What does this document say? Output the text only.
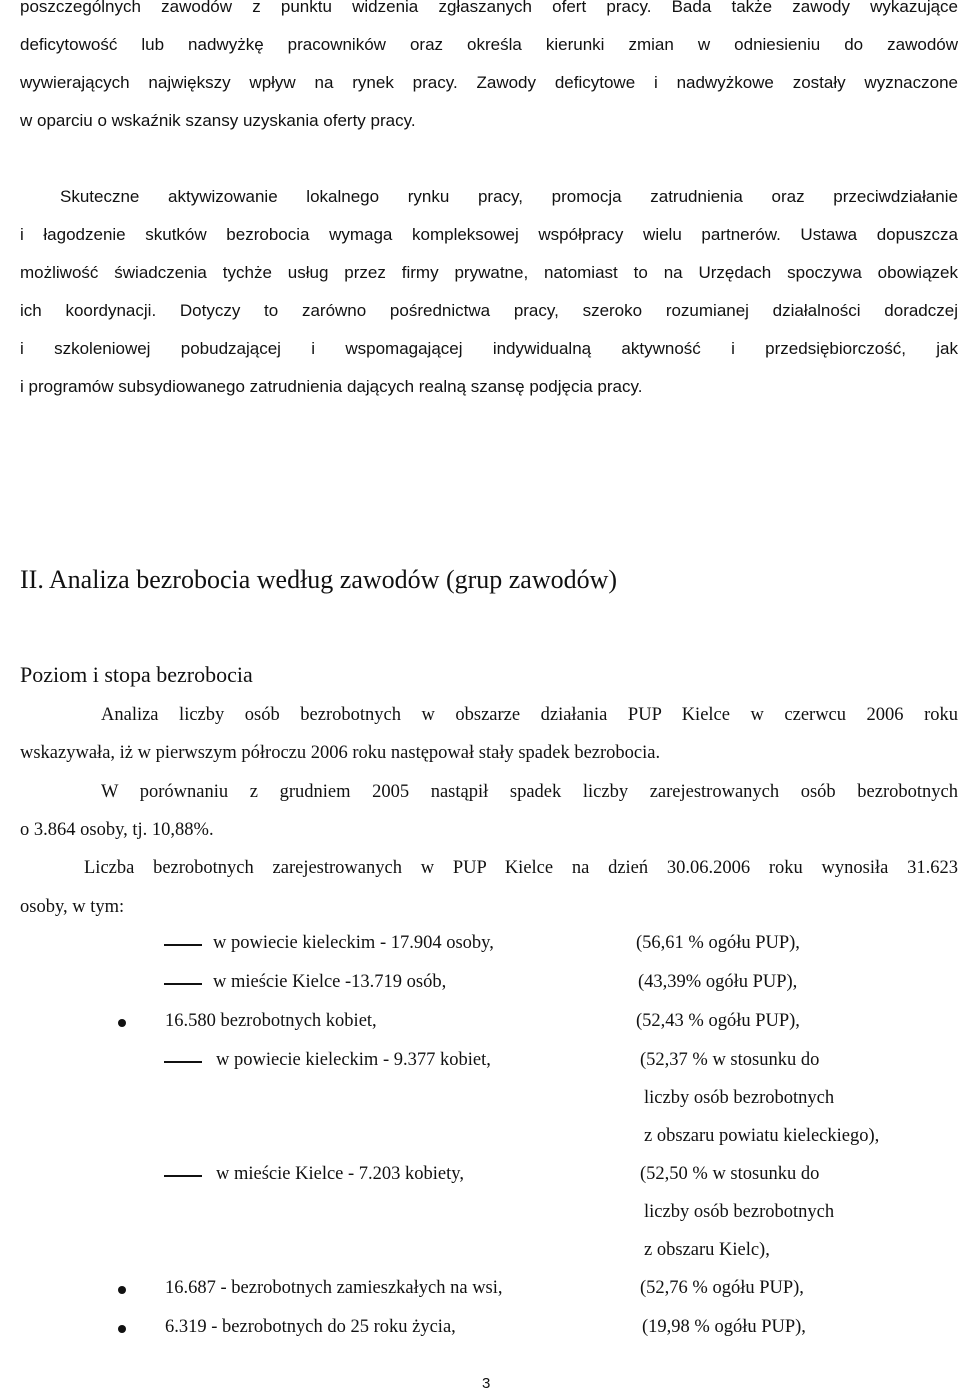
poszczególnych zawodów z punktu widzenia zgłaszanych ofert pracy. Bada także zawody wykazujące
deficytowość lub nadwyżkę pracowników oraz określa kierunki zmian w odniesieniu do zawodów
wywierających największy wpływ na rynek pracy. Zawody deficytowe i nadwyżkowe zostały wyznaczone
w oparciu o wskaźnik szansy uzyskania oferty pracy.
Skuteczne aktywizowanie lokalnego rynku pracy, promocja zatrudnienia oraz przeciwdziałanie
i łagodzenie skutków bezrobocia wymaga kompleksowej współpracy wielu partnerów. Ustawa dopuszcza
możliwość świadczenia tychże usług przez firmy prywatne, natomiast to na Urzędach spoczywa obowiązek
ich koordynacji. Dotyczy to zarówno pośrednictwa pracy, szeroko rozumianej działalności doradczej
i szkoleniowej pobudzającej i wspomagającej indywidualną aktywność i przedsiębiorczość, jak
i programów subsydiowanego zatrudnienia dających realną szansę podjęcia pracy.
II. Analiza bezrobocia według zawodów (grup zawodów)
Poziom i stopa bezrobocia
Analiza liczby osób bezrobotnych w obszarze działania PUP Kielce w czerwcu 2006 roku
wskazywała, iż w pierwszym półroczu 2006 roku następował stały spadek bezrobocia.
W porównaniu z grudniem 2005 nastąpił spadek liczby zarejestrowanych osób bezrobotnych
o 3.864 osoby, tj. 10,88%.
Liczba bezrobotnych zarejestrowanych w PUP Kielce na dzień 30.06.2006 roku wynosiła 31.623
osoby, w tym:
w powiecie kieleckim - 17.904 osoby,	(56,61 % ogółu PUP),
w mieście Kielce -13.719 osób,	(43,39% ogółu PUP),
16.580 bezrobotnych kobiet,	(52,43 % ogółu PUP),
w powiecie kieleckim - 9.377 kobiet,	(52,37 % w stosunku do
liczby osób bezrobotnych
z obszaru powiatu kieleckiego),
w mieście Kielce - 7.203 kobiety,	(52,50 % w stosunku do
liczby osób bezrobotnych
z obszaru Kielc),
16.687 - bezrobotnych zamieszkałych na wsi,	(52,76 % ogółu PUP),
6.319 - bezrobotnych do 25 roku życia,	(19,98 % ogółu PUP),
3
